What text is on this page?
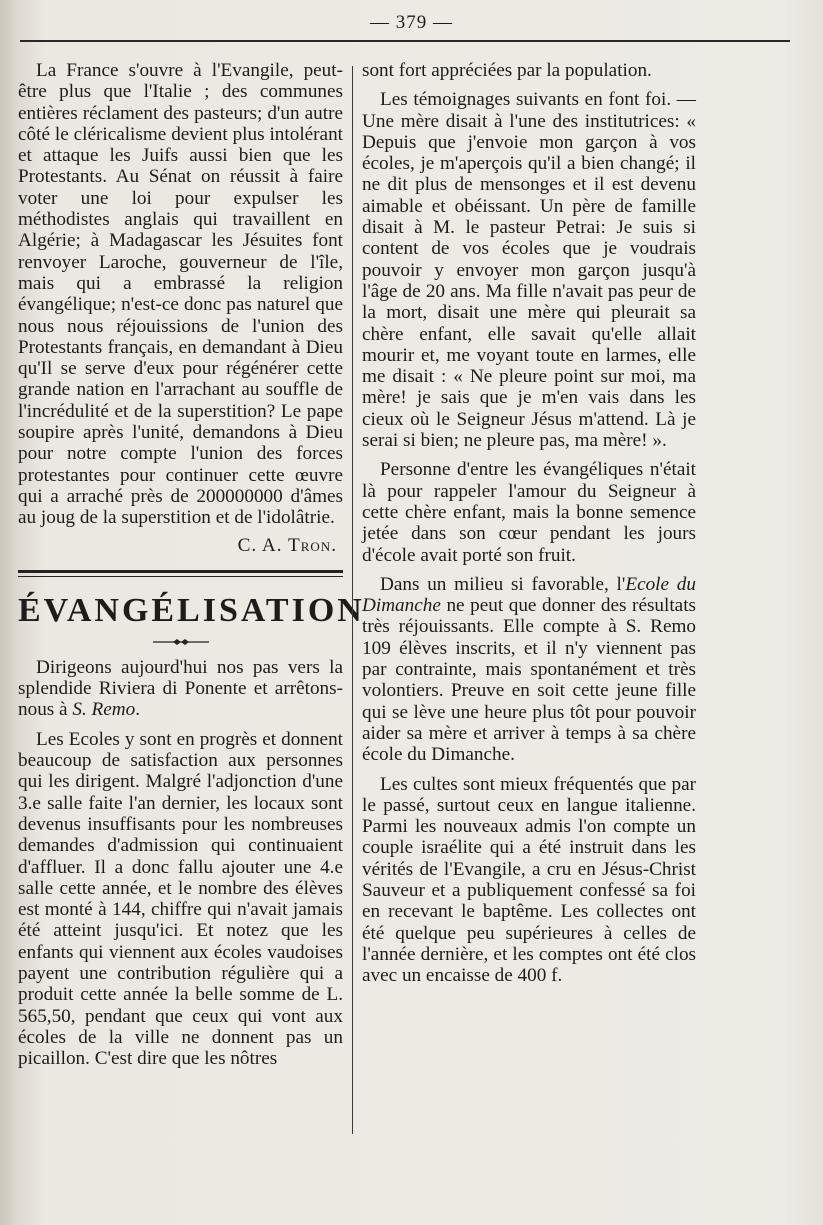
— 379 —

La France s'ouvre à l'Evangile, peut-être plus que l'Italie ; des communes entières réclament des pasteurs; d'un autre côté le cléricalisme devient plus intolérant et attaque les Juifs aussi bien que les Protestants. Au Sénat on réussit à faire voter une loi pour expulser les méthodistes anglais qui travaillent en Algérie; à Madagascar les Jésuites font renvoyer Laroche, gouverneur de l'île, mais qui a embrassé la religion évangélique; n'est-ce donc pas naturel que nous nous réjouissions de l'union des Protestants français, en demandant à Dieu qu'Il se serve d'eux pour régénérer cette grande nation en l'arrachant au souffle de l'incrédulité et de la superstition? Le pape soupire après l'unité, demandons à Dieu pour notre compte l'union des forces protestantes pour continuer cette œuvre qui a arraché près de 200000000 d'âmes au joug de la superstition et de l'idolâtrie.

C. A. Tron.
ÉVANGÉLISATION

Dirigeons aujourd'hui nos pas vers la splendide Riviera di Ponente et arrêtons-nous à S. Remo.

Les Ecoles y sont en progrès et donnent beaucoup de satisfaction aux personnes qui les dirigent. Malgré l'adjonction d'une 3.e salle faite l'an dernier, les locaux sont devenus insuffisants pour les nombreuses demandes d'admission qui continuaient d'affluer. Il a donc fallu ajouter une 4.e salle cette année, et le nombre des élèves est monté à 144, chiffre qui n'avait jamais été atteint jusqu'ici. Et notez que les enfants qui viennent aux écoles vaudoises payent une contribution régulière qui a produit cette année la belle somme de L. 565,50, pendant que ceux qui vont aux écoles de la ville ne donnent pas un picaillon. C'est dire que les nôtres

sont fort appréciées par la population.

Les témoignages suivants en font foi. — Une mère disait à l'une des institutrices: « Depuis que j'envoie mon garçon à vos écoles, je m'aperçois qu'il a bien changé; il ne dit plus de mensonges et il est devenu aimable et obéissant. Un père de famille disait à M. le pasteur Petrai: Je suis si content de vos écoles que je voudrais pouvoir y envoyer mon garçon jusqu'à l'âge de 20 ans. Ma fille n'avait pas peur de la mort, disait une mère qui pleurait sa chère enfant, elle savait qu'elle allait mourir et, me voyant toute en larmes, elle me disait : « Ne pleure point sur moi, ma mère! je sais que je m'en vais dans les cieux où le Seigneur Jésus m'attend. Là je serai si bien; ne pleure pas, ma mère! ».

Personne d'entre les évangéliques n'était là pour rappeler l'amour du Seigneur à cette chère enfant, mais la bonne semence jetée dans son cœur pendant les jours d'école avait porté son fruit.

Dans un milieu si favorable, l'Ecole du Dimanche ne peut que donner des résultats très réjouissants. Elle compte à S. Remo 109 élèves inscrits, et il n'y viennent pas par contrainte, mais spontanément et très volontiers. Preuve en soit cette jeune fille qui se lève une heure plus tôt pour pouvoir aider sa mère et arriver à temps à sa chère école du Dimanche.

Les cultes sont mieux fréquentés que par le passé, surtout ceux en langue italienne. Parmi les nouveaux admis l'on compte un couple israélite qui a été instruit dans les vérités de l'Evangile, a cru en Jésus-Christ Sauveur et a publiquement confessé sa foi en recevant le baptême. Les collectes ont été quelque peu supérieures à celles de l'année dernière, et les comptes ont été clos avec un encaisse de 400 f.
